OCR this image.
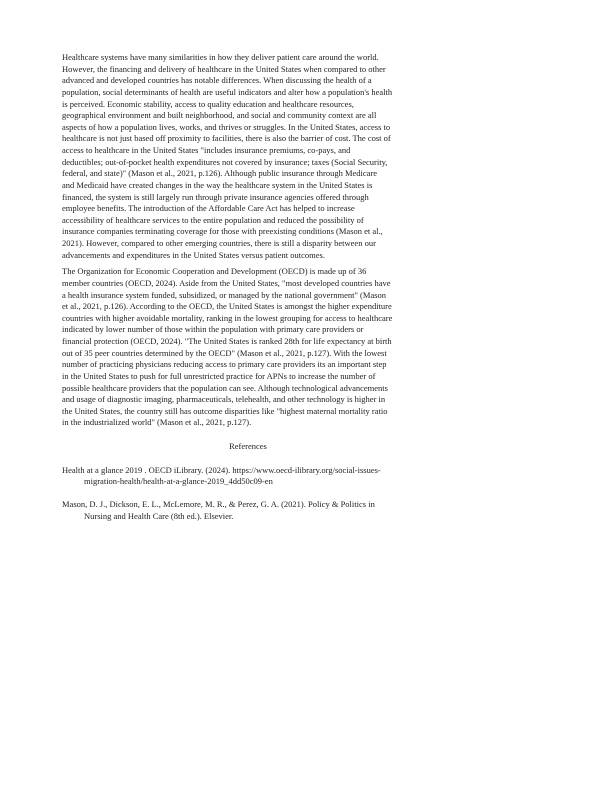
Healthcare systems have many similarities in how they deliver patient care around the world.
However, the financing and delivery of healthcare in the United States when compared to other
advanced and developed countries has notable differences. When discussing the health of a
population, social determinants of health are useful indicators and alter how a population's health
is perceived. Economic stability, access to quality education and healthcare resources,
geographical environment and built neighborhood, and social and community context are all
aspects of how a population lives, works, and thrives or struggles. In the United States, access to
healthcare is not just based off proximity to facilities, there is also the barrier of cost. The cost of
access to healthcare in the United States "includes insurance premiums, co-pays, and
deductibles; out-of-pocket health expenditures not covered by insurance; taxes (Social Security,
federal, and state)" (Mason et al., 2021, p.126). Although public insurance through Medicare
and Medicaid have created changes in the way the healthcare system in the United States is
financed, the system is still largely run through private insurance agencies offered through
employee benefits. The introduction of the Affordable Care Act has helped to increase
accessibility of healthcare services to the entire population and reduced the possibility of
insurance companies terminating coverage for those with preexisting conditions (Mason et al.,
2021). However, compared to other emerging countries, there is still a disparity between our
advancements and expenditures in the United States versus patient outcomes.

The Organization for Economic Cooperation and Development (OECD) is made up of 36
member countries (OECD, 2024). Aside from the United States, "most developed countries have
a health insurance system funded, subsidized, or managed by the national government" (Mason
et al., 2021, p.126). According to the OECD, the United States is amongst the higher expenditure
countries with higher avoidable mortality, ranking in the lowest grouping for access to healthcare
indicated by lower number of those within the population with primary care providers or
financial protection (OECD, 2024). "The United States is ranked 28th for life expectancy at birth
out of 35 peer countries determined by the OECD" (Mason et al., 2021, p.127). With the lowest
number of practicing physicians reducing access to primary care providers its an important step
in the United States to push for full unrestricted practice for APNs to increase the number of
possible healthcare providers that the population can see. Although technological advancements
and usage of diagnostic imaging, pharmaceuticals, telehealth, and other technology is higher in
the United States, the country still has outcome disparities like "highest maternal mortality ratio
in the industrialized world" (Mason et al., 2021, p.127).

References

Health at a glance 2019 . OECD iLibrary. (2024). https://www.oecd-ilibrary.org/social-issues-
migration-health/health-at-a-glance-2019_4dd50c09-en

Mason, D. J., Dickson, E. L., McLemore, M. R., & Perez, G. A. (2021). Policy & Politics in
Nursing and Health Care (8th ed.). Elsevier.
